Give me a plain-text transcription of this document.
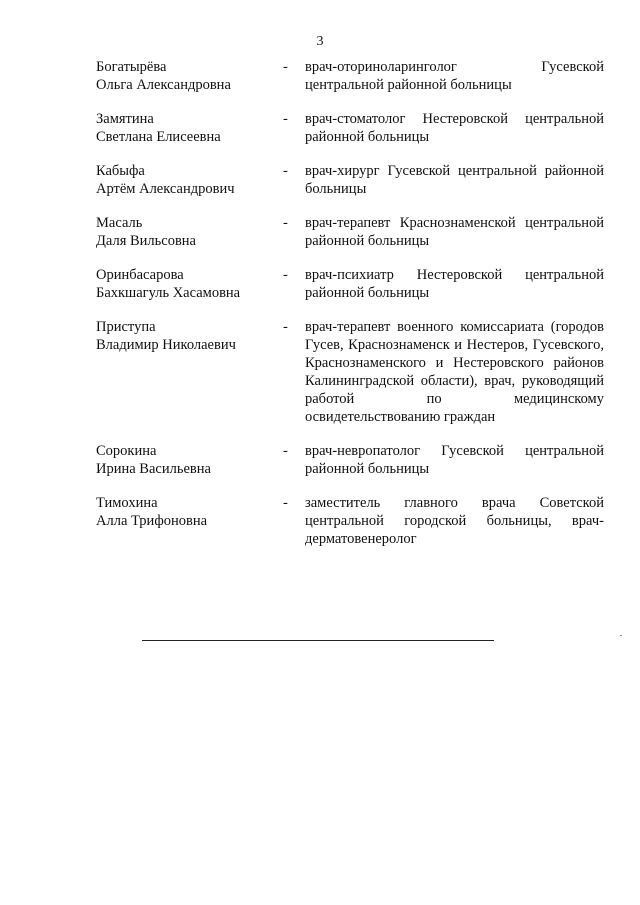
3
Богатырёва
Ольга Александровна
-	врач-оториноларинголог Гусевской центральной районной больницы
Замятина
Светлана Елисеевна
-	врач-стоматолог Нестеровской центральной районной больницы
Кабыфа
Артём Александрович
-	врач-хирург Гусевской центральной районной больницы
Масаль
Даля Вильсовна
-	врач-терапевт Краснознаменской центральной районной больницы
Оринбасарова
Бахкшагуль Хасамовна
-	врач-психиатр Нестеровской центральной районной больницы
Приступа
Владимир Николаевич
-	врач-терапевт военного комиссариата (городов Гусев, Краснознаменск и Нестеров, Гусевского, Краснознаменского и Нестеровского районов Калининградской области), врач, руководящий работой по медицинскому освидетельствованию граждан
Сорокина
Ирина Васильевна
-	врач-невропатолог Гусевской центральной районной больницы
Тимохина
Алла Трифоновна
-	заместитель главного врача Советской центральной городской больницы, врач-дерматовенеролог
